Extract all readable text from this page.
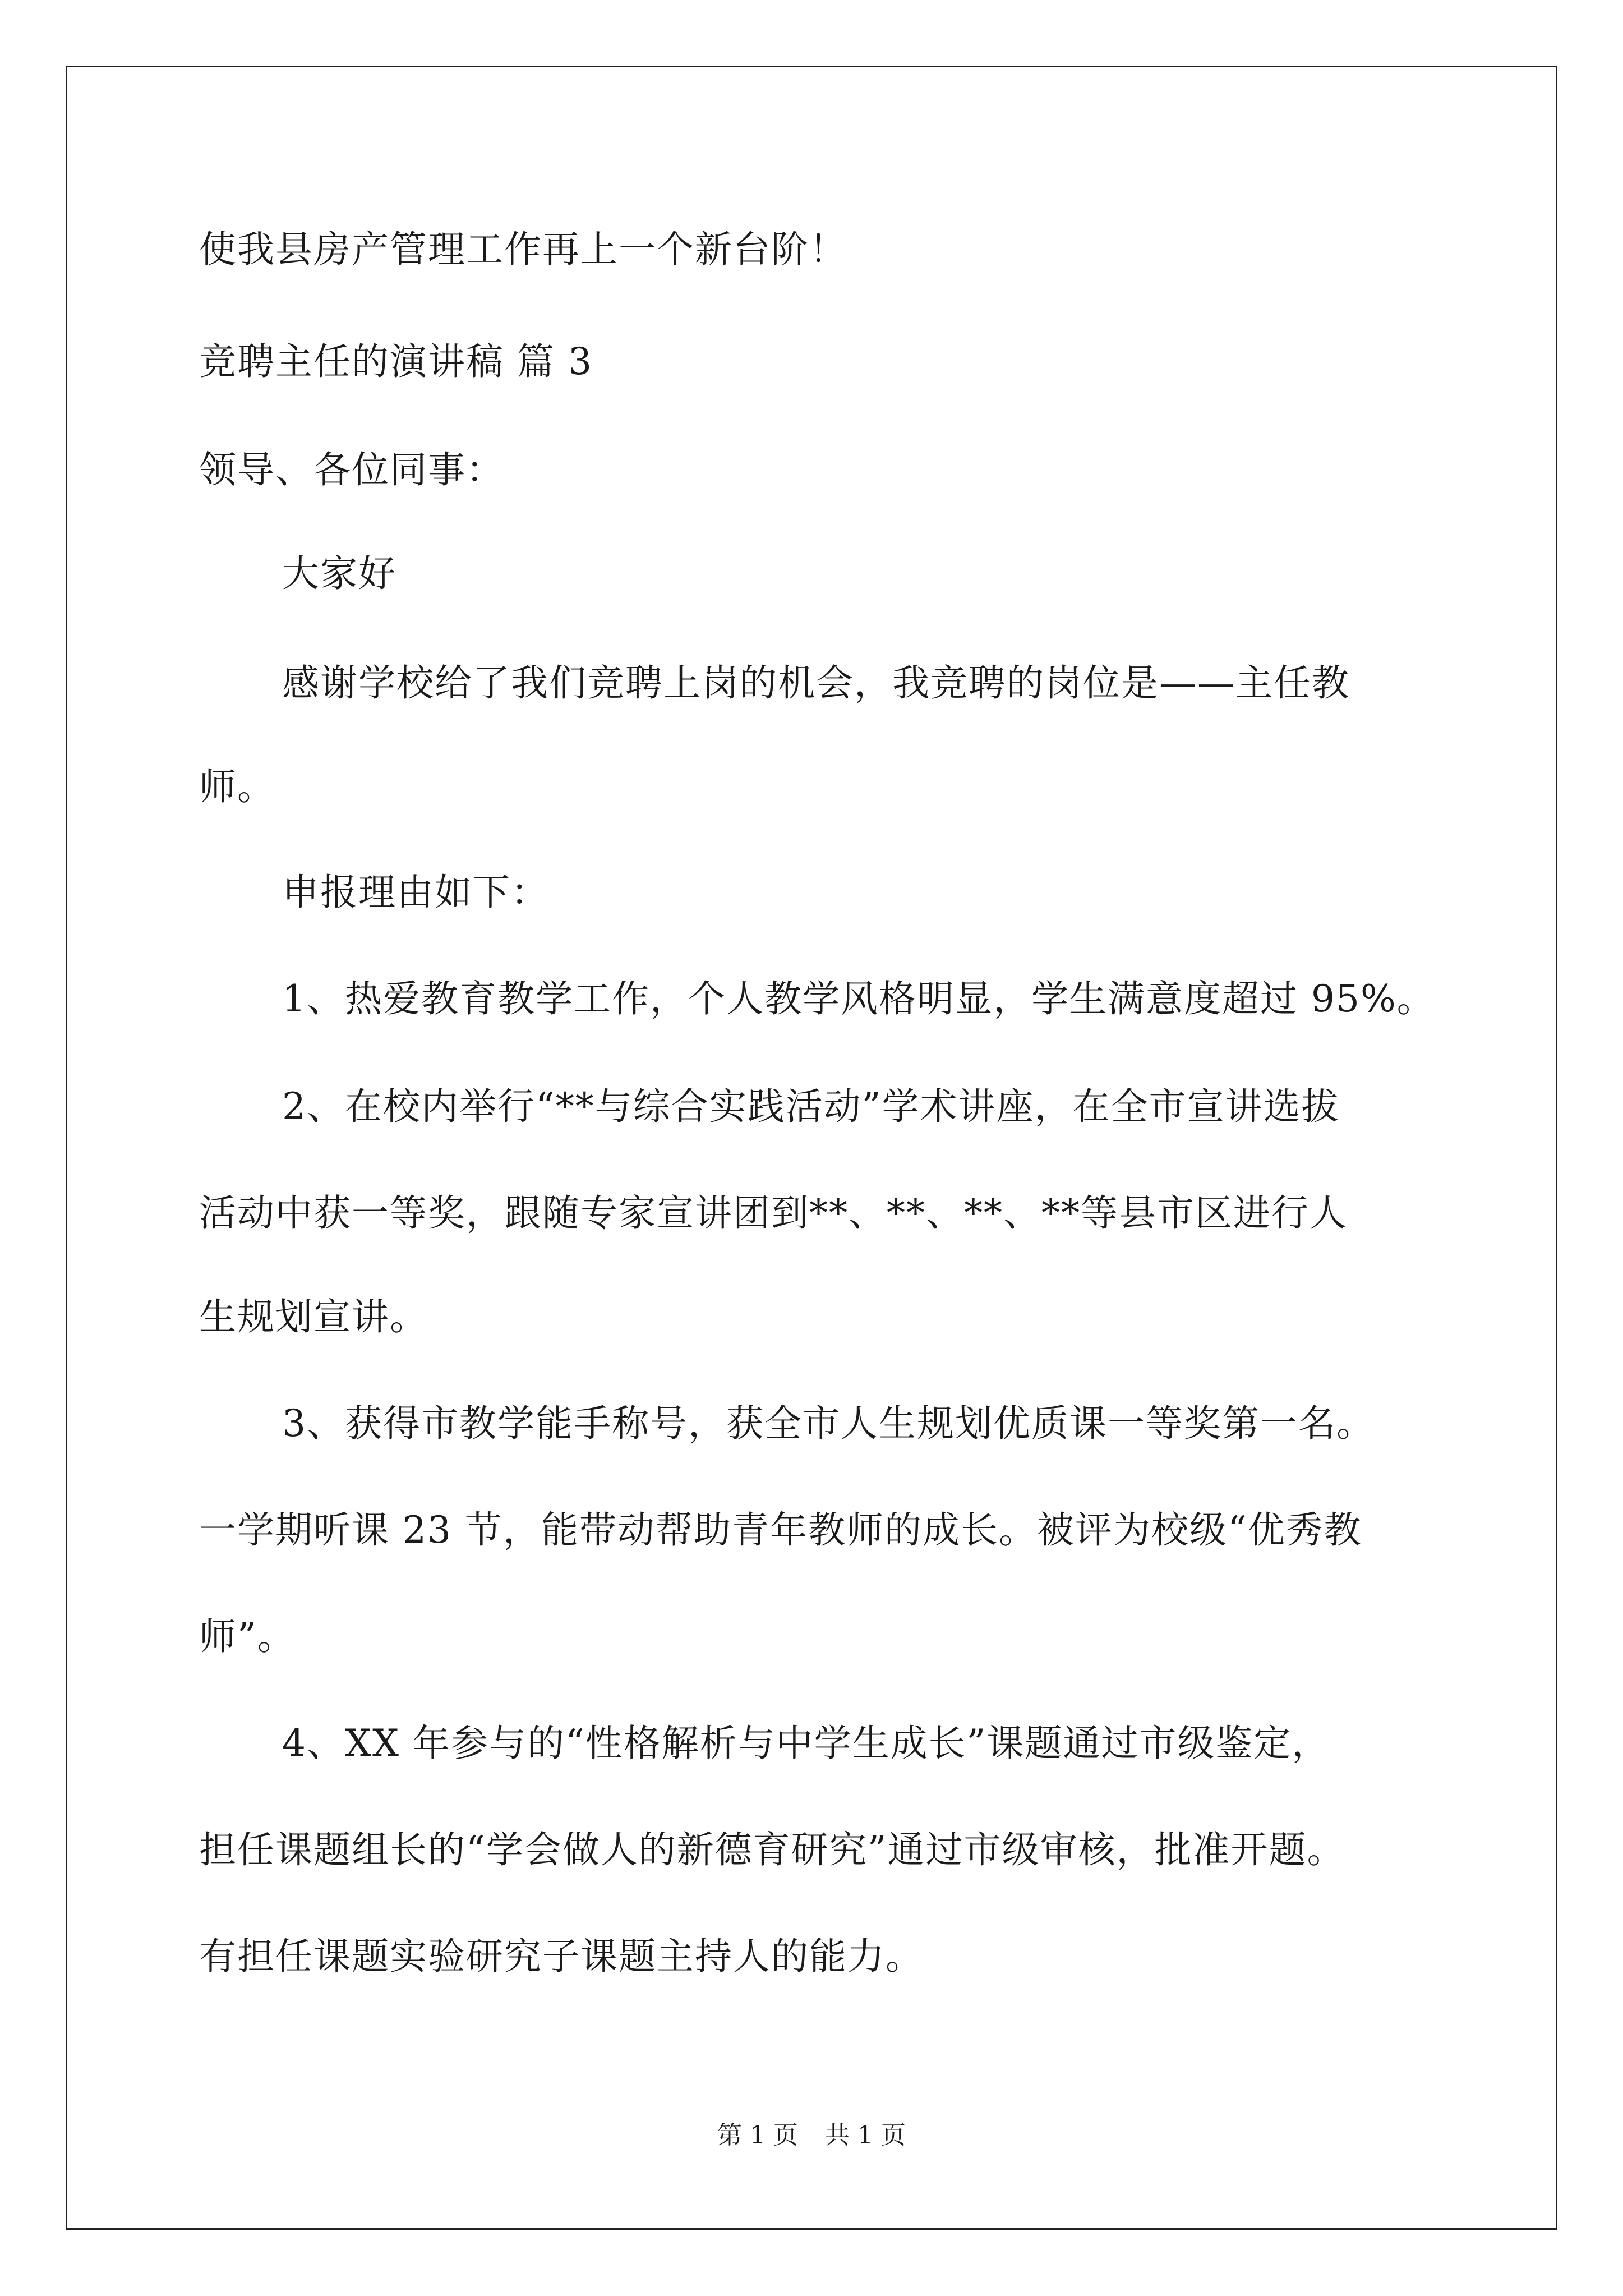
使我县房产管理工作再上一个新台阶！
竞聘主任的演讲稿 篇 3
领导、各位同事：
大家好
感谢学校给了我们竞聘上岗的机会，我竞聘的岗位是——主任教
师。
申报理由如下：
1、热爱教育教学工作，个人教学风格明显，学生满意度超过 95%。
2、在校内举行“**与综合实践活动”学术讲座，在全市宣讲选拔
活动中获一等奖，跟随专家宣讲团到**、**、**、**等县市区进行人
生规划宣讲。
3、获得市教学能手称号，获全市人生规划优质课一等奖第一名。
一学期听课 23 节，能带动帮助青年教师的成长。被评为校级“优秀教
师”。
4、XX 年参与的“性格解析与中学生成长”课题通过市级鉴定，
担任课题组长的“学会做人的新德育研究”通过市级审核，批准开题。
有担任课题实验研究子课题主持人的能力。
第 1 页 共 1 页
